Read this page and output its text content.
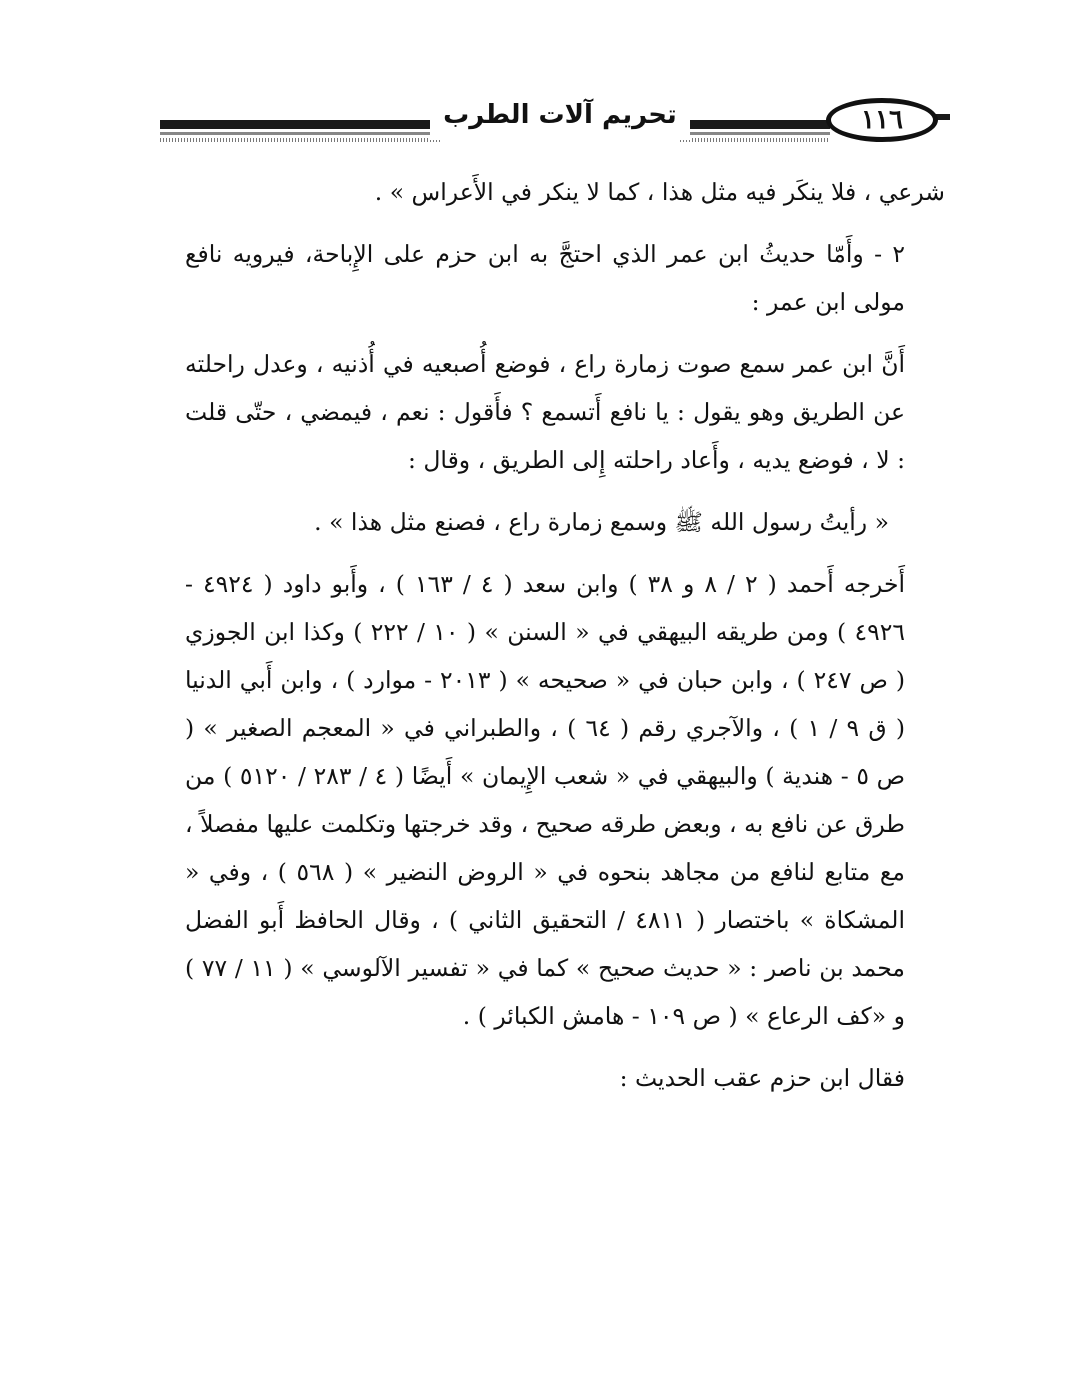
تحريم آلات الطرب	١١٦

شرعي ، فلا ينكَر فيه مثل هذا ، كما لا ينكر في الأَعراس » .

٢ - وأَمّا حديثُ ابن عمر الذي احتجَّ به ابن حزم على الإِباحة، فيرويه نافع مولى ابن عمر :

أَنَّ ابن عمر سمع صوت زمارة راع ، فوضع أُصبعيه في أُذنيه ، وعدل راحلته عن الطريق وهو يقول : يا نافع أَتسمع ؟ فأَقول : نعم ، فيمضي ، حتّى قلت : لا ، فوضع يديه ، وأَعاد راحلته إِلى الطريق ، وقال :

« رأيتُ رسول الله ﷺ وسمع زمارة راع ، فصنع مثل هذا » .

أَخرجه أَحمد ( ٢ / ٨ و ٣٨ ) وابن سعد ( ٤ / ١٦٣ ) ، وأَبو داود ( ٤٩٢٤ - ٤٩٢٦ ) ومن طريقه البيهقي في « السنن » ( ١٠ / ٢٢٢ ) وكذا ابن الجوزي ( ص ٢٤٧ ) ، وابن حبان في « صحيحه » ( ٢٠١٣ - موارد ) ، وابن أَبي الدنيا ( ق ٩ / ١ ) ، والآجري رقم ( ٦٤ ) ، والطبراني في « المعجم الصغير » ( ص ٥ - هندية ) والبيهقي في « شعب الإِيمان » أَيضًا ( ٤ / ٢٨٣ / ٥١٢٠ ) من طرق عن نافع به ، وبعض طرقه صحيح ، وقد خرجتها وتكلمت عليها مفصلاً ، مع متابع لنافع من مجاهد بنحوه في « الروض النضير » ( ٥٦٨ ) ، وفي « المشكاة » باختصار ( ٤٨١١ / التحقيق الثاني ) ، وقال الحافظ أَبو الفضل محمد بن ناصر : « حديث صحيح » كما في « تفسير الآلوسي » ( ١١ / ٧٧ ) و «كف الرعاع » ( ص ١٠٩ - هامش الكبائر ) .

فقال ابن حزم عقب الحديث :
